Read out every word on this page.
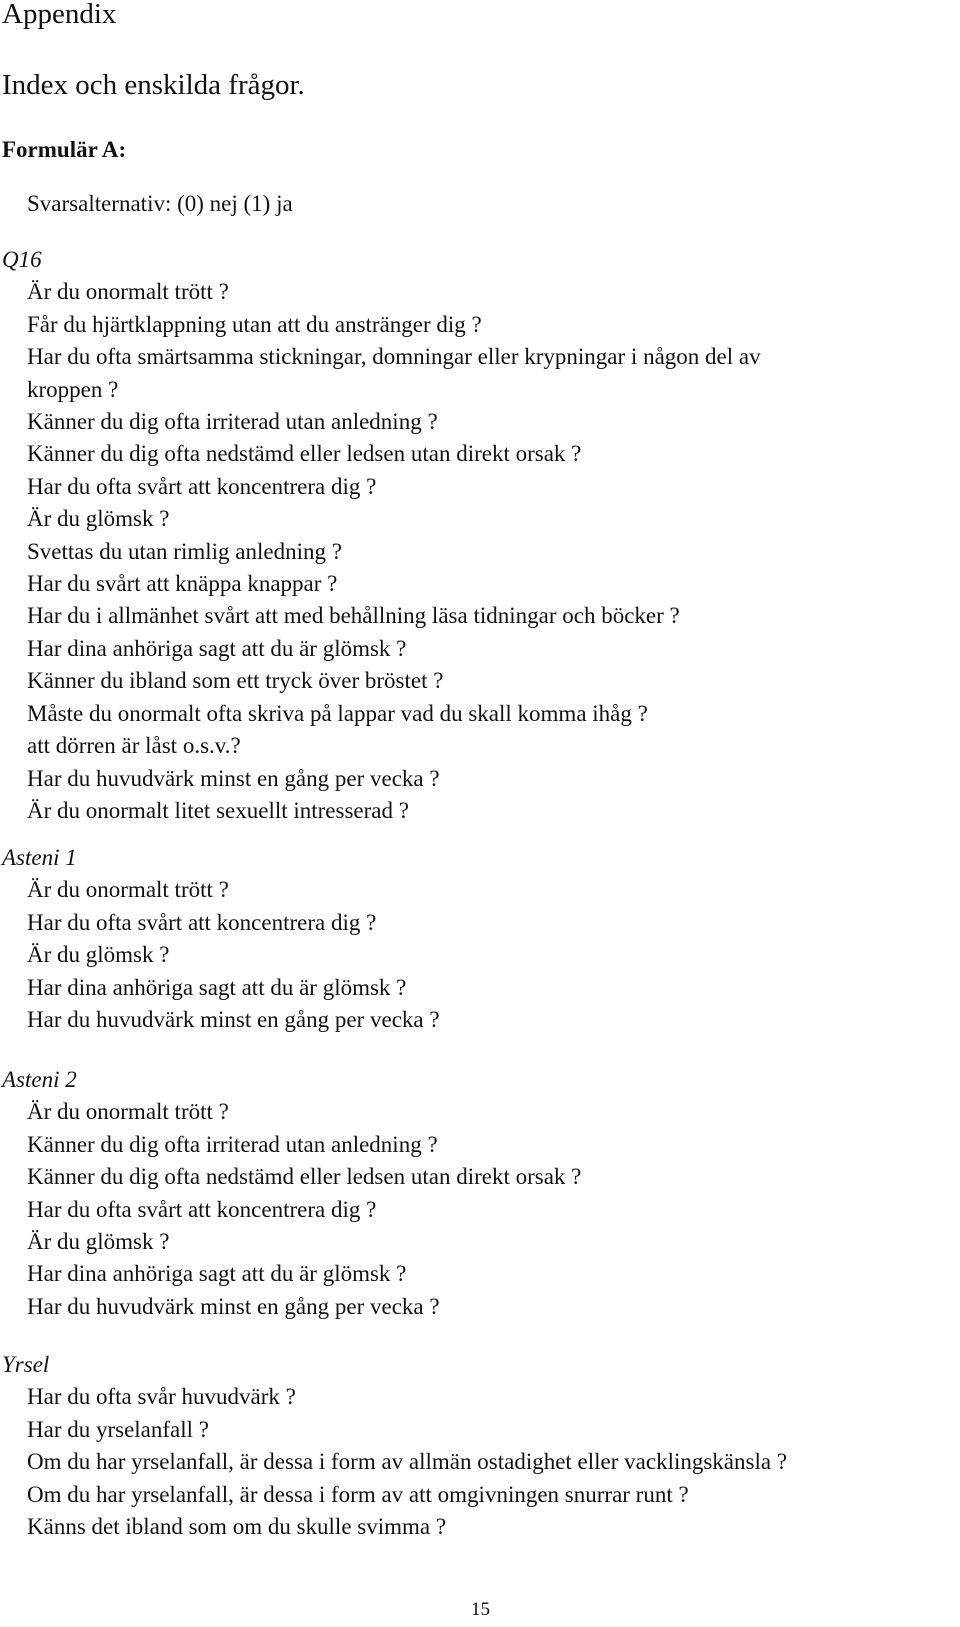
Appendix
Index och enskilda frågor.

Formulär A:

Svarsalternativ: (0) nej (1) ja

Q16

Är du onormalt trött ?
Får du hjärtklappning utan att du anstränger dig ?
Har du ofta smärtsamma stickningar, domningar eller krypningar i någon del av
kroppen ?
Känner du dig ofta irriterad utan anledning ?
Känner du dig ofta nedstämd eller ledsen utan direkt orsak ?
Har du ofta svårt att koncentrera dig ?
Är du glömsk ?
Svettas du utan rimlig anledning ?
Har du svårt att knäppa knappar ?
Har du i allmänhet svårt att med behållning läsa tidningar och böcker ?
Har dina anhöriga sagt att du är glömsk ?
Känner du ibland som ett tryck över bröstet ?
Måste du onormalt ofta skriva på lappar vad du skall komma ihåg ?
att dörren är låst o.s.v.?
Har du huvudvärk minst en gång per vecka ?
Är du onormalt litet sexuellt intresserad ?

Asteni 1

Är du onormalt trött ?
Har du ofta svårt att koncentrera dig ?
Är du glömsk ?
Har dina anhöriga sagt att du är glömsk ?
Har du huvudvärk minst en gång per vecka ?

Asteni 2

Är du onormalt trött ?
Känner du dig ofta irriterad utan anledning ?
Känner du dig ofta nedstämd eller ledsen utan direkt orsak ?
Har du ofta svårt att koncentrera dig ?
Är du glömsk ?
Har dina anhöriga sagt att du är glömsk ?
Har du huvudvärk minst en gång per vecka ?

Yrsel

Har du ofta svår huvudvärk ?
Har du yrselanfall ?
Om du har yrselanfall, är dessa i form av allmän ostadighet eller vacklingskänsla ?
Om du har yrselanfall, är dessa i form av att omgivningen snurrar runt ?
Känns det ibland som om du skulle svimma ?

15
